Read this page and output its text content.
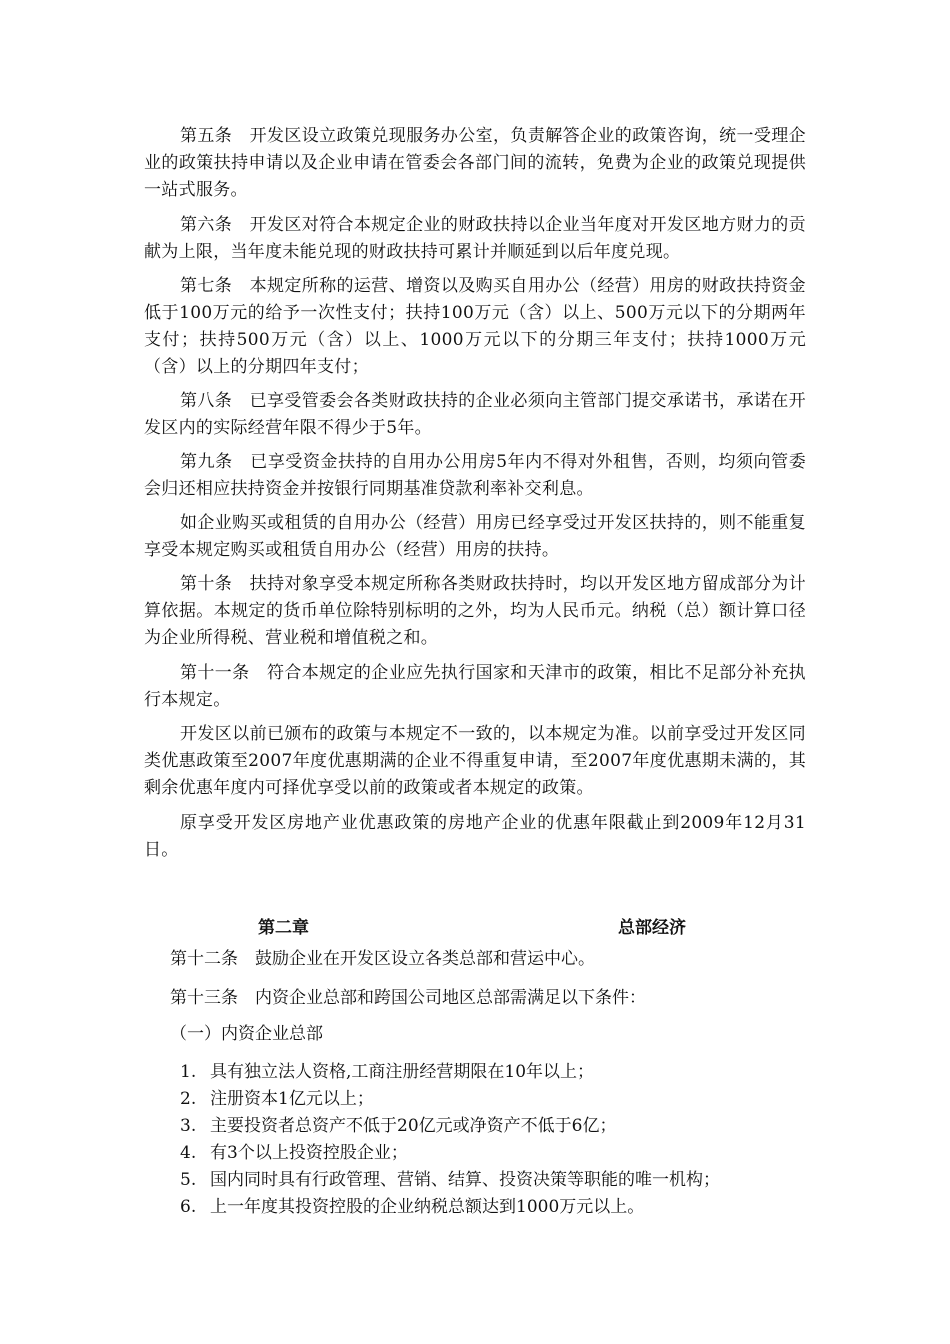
第五条　开发区设立政策兑现服务办公室，负责解答企业的政策咨询，统一受理企业的政策扶持申请以及企业申请在管委会各部门间的流转，免费为企业的政策兑现提供一站式服务。

第六条　开发区对符合本规定企业的财政扶持以企业当年度对开发区地方财力的贡献为上限，当年度未能兑现的财政扶持可累计并顺延到以后年度兑现。

第七条　本规定所称的运营、增资以及购买自用办公（经营）用房的财政扶持资金低于100万元的给予一次性支付；扶持100万元（含）以上、500万元以下的分期两年支付；扶持500万元（含）以上、1000万元以下的分期三年支付；扶持1000万元（含）以上的分期四年支付；

第八条　已享受管委会各类财政扶持的企业必须向主管部门提交承诺书，承诺在开发区内的实际经营年限不得少于5年。

第九条　已享受资金扶持的自用办公用房5年内不得对外租售，否则，均须向管委会归还相应扶持资金并按银行同期基准贷款利率补交利息。

如企业购买或租赁的自用办公（经营）用房已经享受过开发区扶持的，则不能重复享受本规定购买或租赁自用办公（经营）用房的扶持。

第十条　扶持对象享受本规定所称各类财政扶持时，均以开发区地方留成部分为计算依据。本规定的货币单位除特别标明的之外，均为人民币元。纳税（总）额计算口径为企业所得税、营业税和增值税之和。

第十一条　符合本规定的企业应先执行国家和天津市的政策，相比不足部分补充执行本规定。

开发区以前已颁布的政策与本规定不一致的，以本规定为准。以前享受过开发区同类优惠政策至2007年度优惠期满的企业不得重复申请，至2007年度优惠期未满的，其剩余优惠年度内可择优享受以前的政策或者本规定的政策。

原享受开发区房地产业优惠政策的房地产企业的优惠年限截止到2009年12月31日。

第二章	总部经济

第十二条　鼓励企业在开发区设立各类总部和营运中心。

第十三条　内资企业总部和跨国公司地区总部需满足以下条件：

（一）内资企业总部

1. 具有独立法人资格,工商注册经营期限在10年以上；
2. 注册资本1亿元以上；
3. 主要投资者总资产不低于20亿元或净资产不低于6亿；
4. 有3个以上投资控股企业；
5. 国内同时具有行政管理、营销、结算、投资决策等职能的唯一机构；
6. 上一年度其投资控股的企业纳税总额达到1000万元以上。
